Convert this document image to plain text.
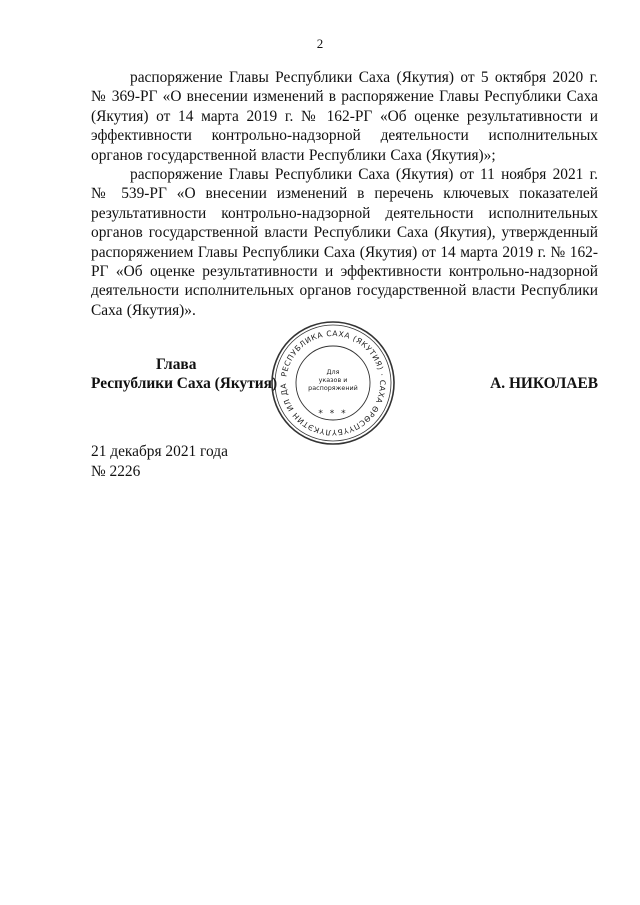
2

распоряжение Главы Республики Саха (Якутия) от 5 октября 2020 г. № 369-РГ «О внесении изменений в распоряжение Главы Республики Саха (Якутия) от 14 марта 2019 г. № 162-РГ «Об оценке результативности и эффективности контрольно-надзорной деятельности исполнительных органов государственной власти Республики Саха (Якутия)»;

распоряжение Главы Республики Саха (Якутия) от 11 ноября 2021 г. № 539-РГ «О внесении изменений в перечень ключевых показателей результативности контрольно-надзорной деятельности исполнительных органов государственной власти Республики Саха (Якутия), утвержденный распоряжением Главы Республики Саха (Якутия) от 14 марта 2019 г. № 162-РГ «Об оценке результативности и эффективности контрольно-надзорной деятельности исполнительных органов государственной власти Республики Саха (Якутия)».

Глава
Республики Саха (Якутия)
РЕСПУБЛИКА САХА (ЯКУТИЯ) · САХА ӨРӨСПҮҮБҮЛҮКЭТИН ИЛ ДА
Для
указов и
распоряжений
* * *
А. НИКОЛАЕВ
21 декабря 2021 года
№ 2226
